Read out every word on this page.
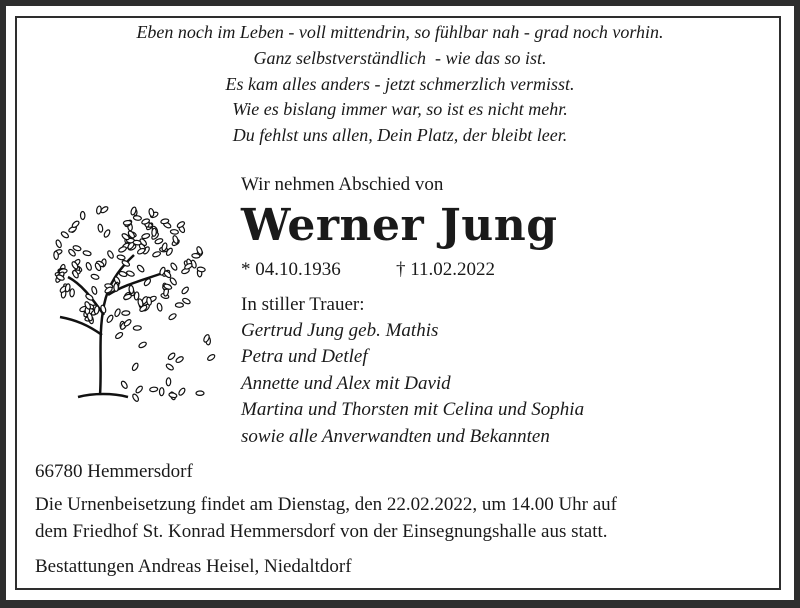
Eben noch im Leben - voll mittendrin, so fühlbar nah - grad noch vorhin.
Ganz selbstverständlich  - wie das so ist.
Es kam alles anders - jetzt schmerzlich vermisst.
Wie es bislang immer war, so ist es nicht mehr.
Du fehlst uns allen, Dein Platz, der bleibt leer.
Wir nehmen Abschied von
Werner Jung
* 04.10.1936	† 11.02.2022
In stiller Trauer:
Gertrud Jung geb. Mathis
Petra und Detlef
Annette und Alex mit David
Martina und Thorsten mit Celina und Sophia
sowie alle Anverwandten und Bekannten
66780 Hemmersdorf
Die Urnenbeisetzung findet am Dienstag, den 22.02.2022, um 14.00 Uhr auf
dem Friedhof St. Konrad Hemmersdorf von der Einsegnungshalle aus statt.
Bestattungen Andreas Heisel, Niedaltdorf
